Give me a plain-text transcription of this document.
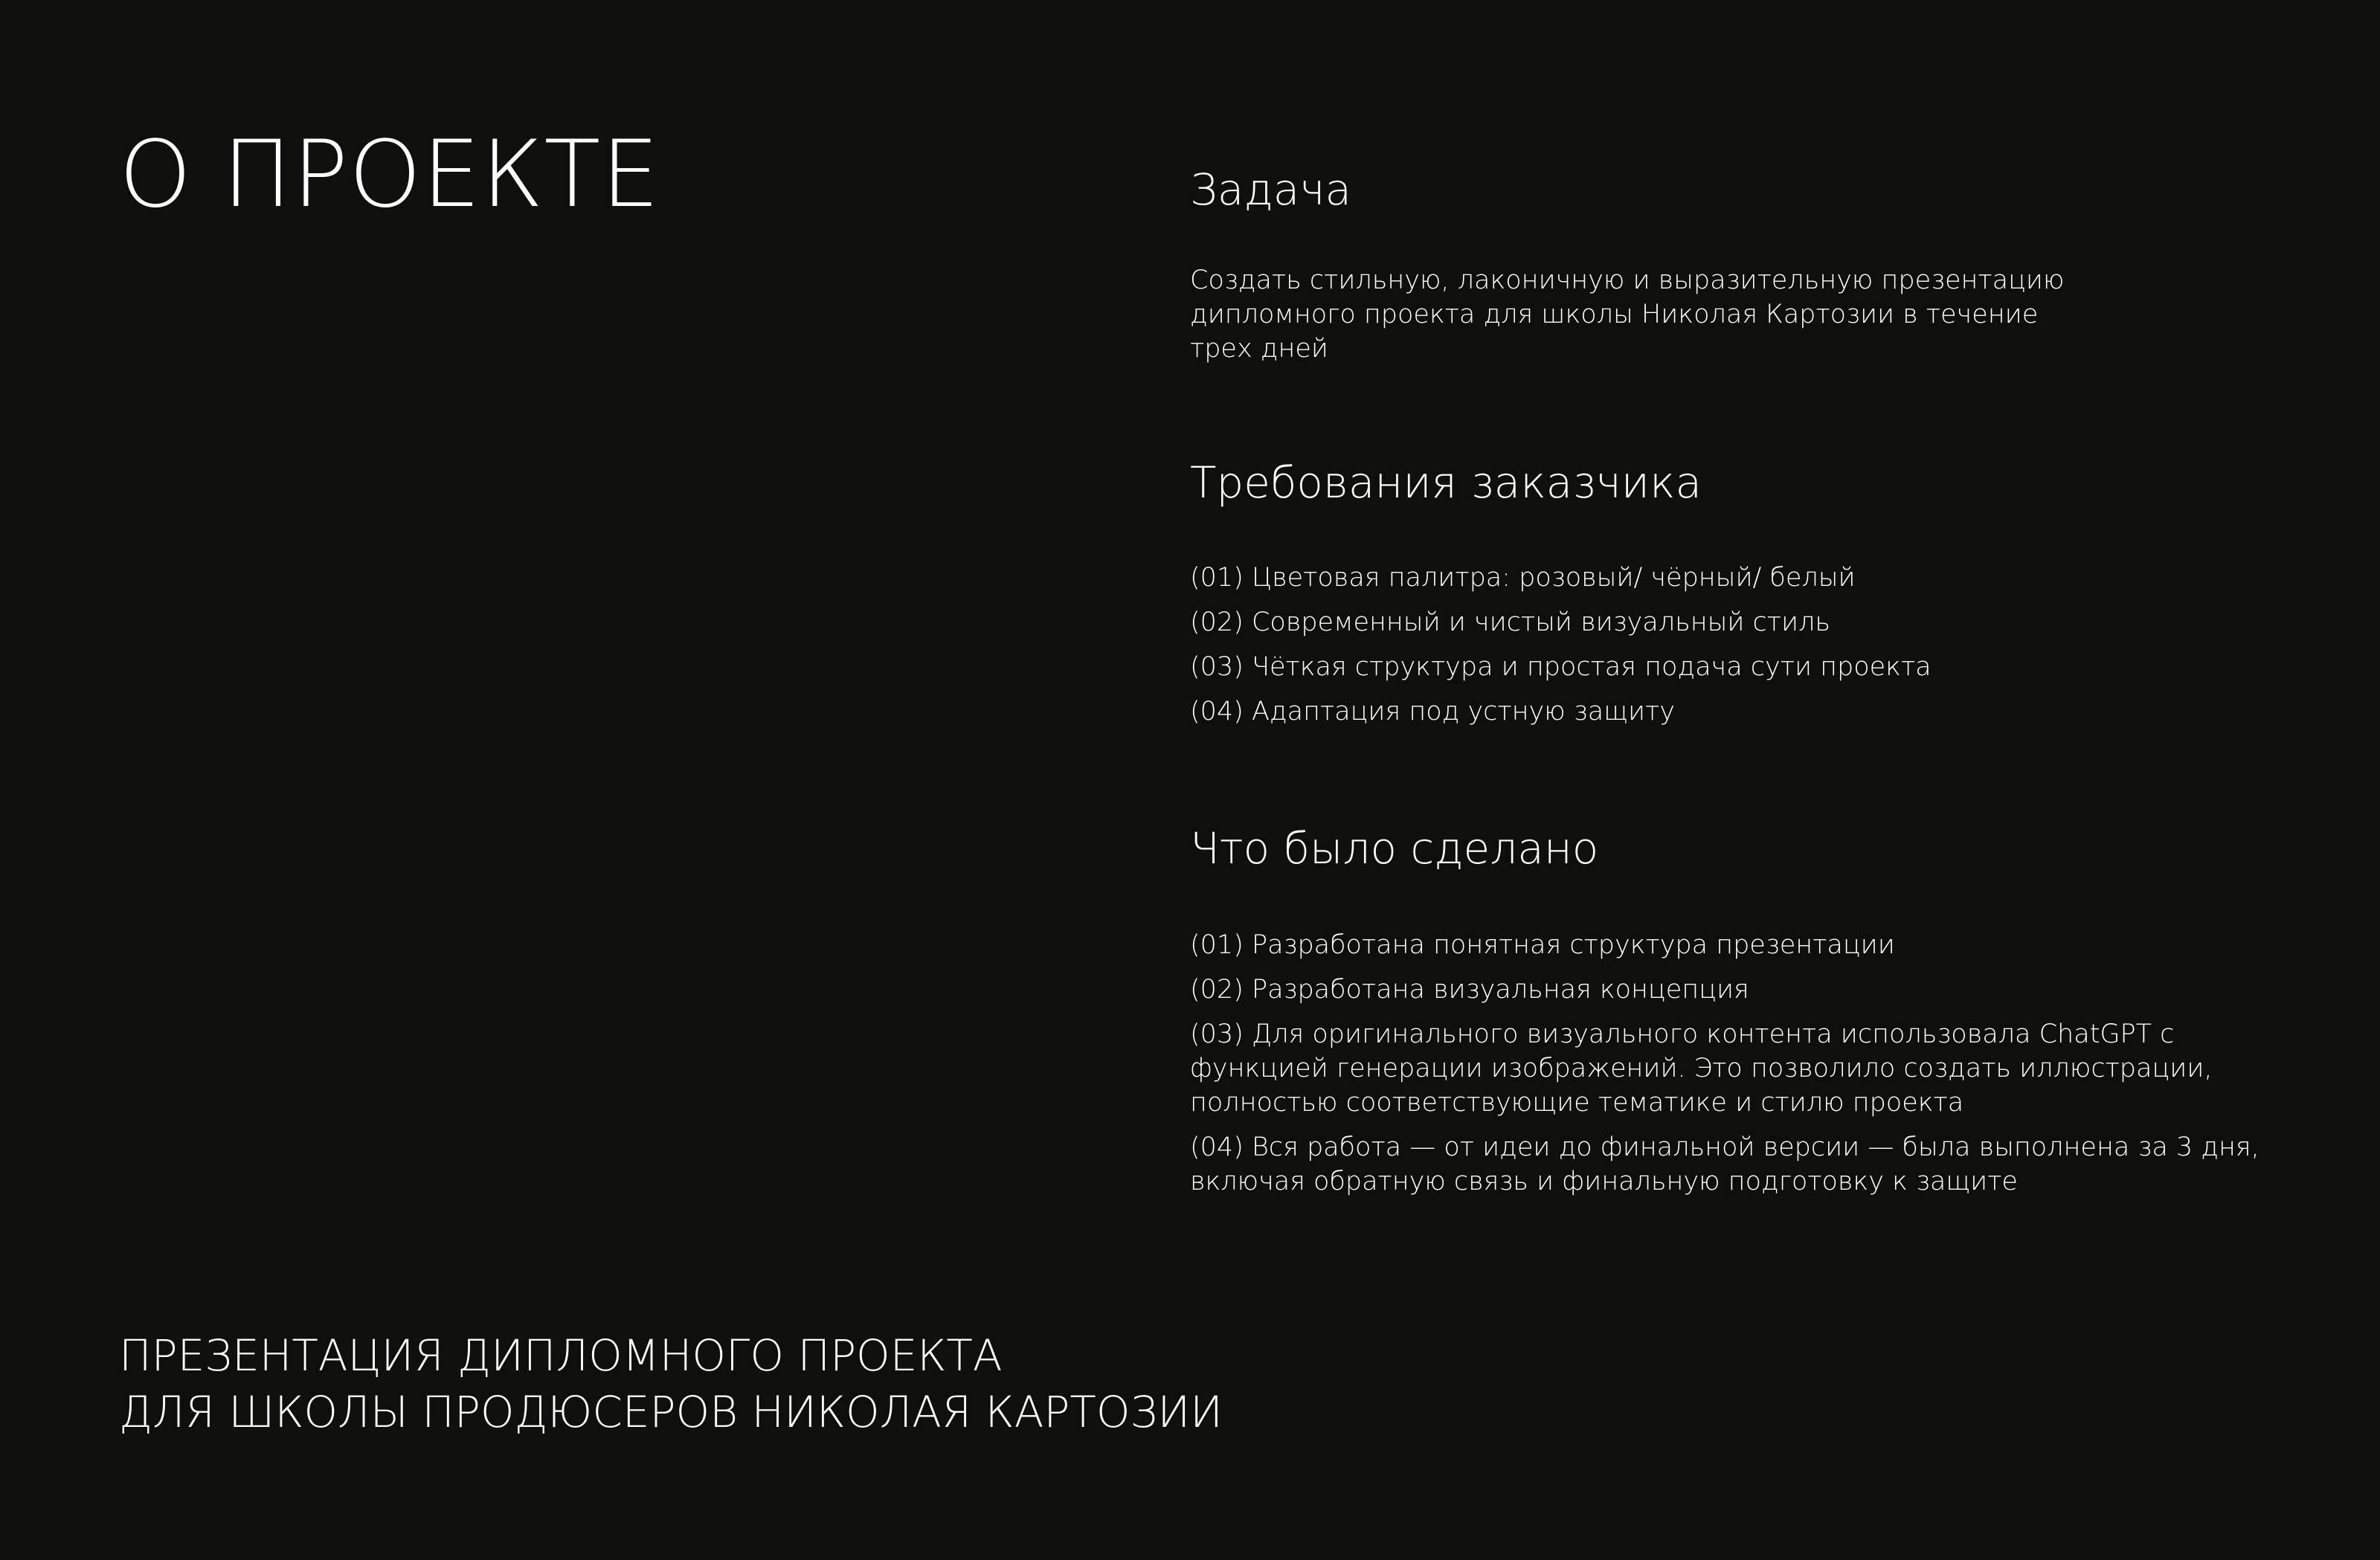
О ПРОЕКТЕ	Задача

Создать стильную, лаконичную и выразительную презентацию дипломного проекта для школы Николая Картозии в течение трех дней

Требования заказчика
(01) Цветовая палитра: розовый/ чёрный/ белый
(02) Современный и чистый визуальный стиль
(03) Чёткая структура и простая подача сути проекта
(04) Адаптация под устную защиту
Что было сделано
(01) Разработана понятная структура презентации
(02) Разработана визуальная концепция
(03) Для оригинального визуального контента использовала ChatGPT с функцией генерации изображений. Это позволило создать иллюстрации, полностью соответствующие тематике и стилю проекта
(04) Вся работа — от идеи до финальной версии — была выполнена за 3 дня, включая обратную связь и финальную подготовку к защите
ПРЕЗЕНТАЦИЯ ДИПЛОМНОГО ПРОЕКТА
ДЛЯ ШКОЛЫ ПРОДЮСЕРОВ НИКОЛАЯ КАРТОЗИИ
